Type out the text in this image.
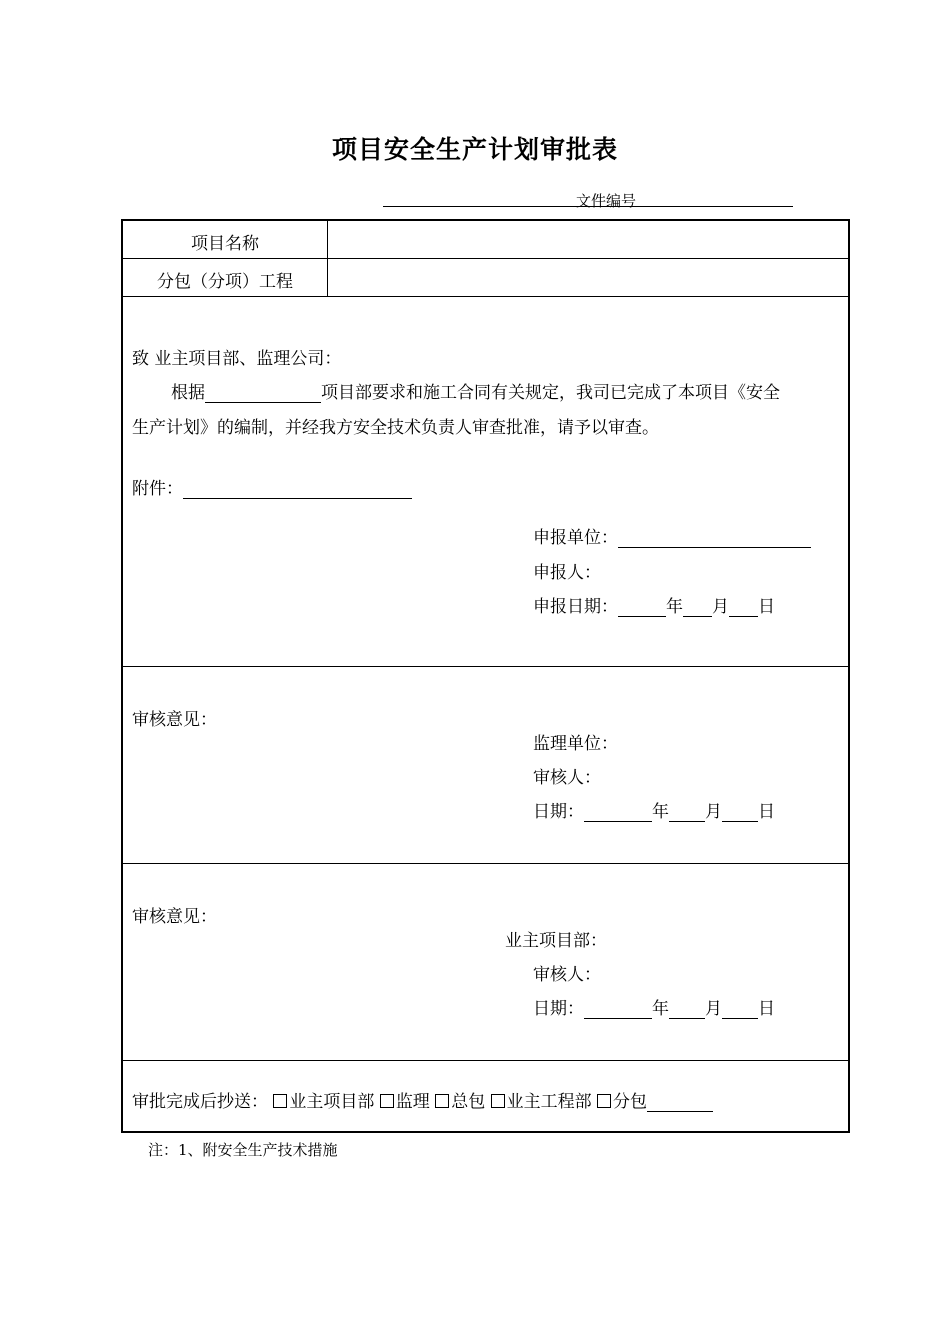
项目安全生产计划审批表
文件编号
项目名称
分包（分项）工程
致 业主项目部、监理公司：
根据	项目部要求和施工合同有关规定，我司已完成了本项目《安全
生产计划》的编制，并经我方安全技术负责人审查批准，请予以审查。
附件：
申报单位：
申报人：
申报日期：	年 月 日
审核意见：
监理单位：
审核人：
日期：	年 月 日
审核意见：
业主项目部：
审核人：
日期：	年 月 日
审批完成后抄送： 业主项目部 监理 总包 业主工程部 分包
注：1、附安全生产技术措施
